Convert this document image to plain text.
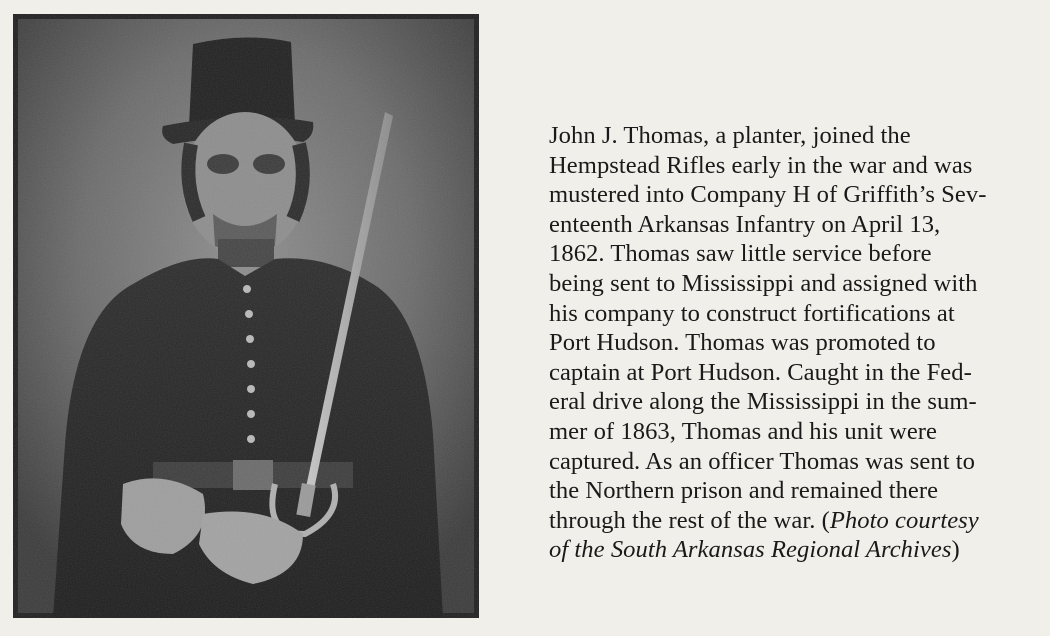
John J. Thomas, a planter, joined the
Hempstead Rifles early in the war and was
mustered into Company H of Griffith’s Sev-
enteenth Arkansas Infantry on April 13,
1862. Thomas saw little service before
being sent to Mississippi and assigned with
his company to construct fortifications at
Port Hudson. Thomas was promoted to
captain at Port Hudson. Caught in the Fed-
eral drive along the Mississippi in the sum-
mer of 1863, Thomas and his unit were
captured. As an officer Thomas was sent to
the Northern prison and remained there
through the rest of the war. (Photo courtesy
of the South Arkansas Regional Archives)
